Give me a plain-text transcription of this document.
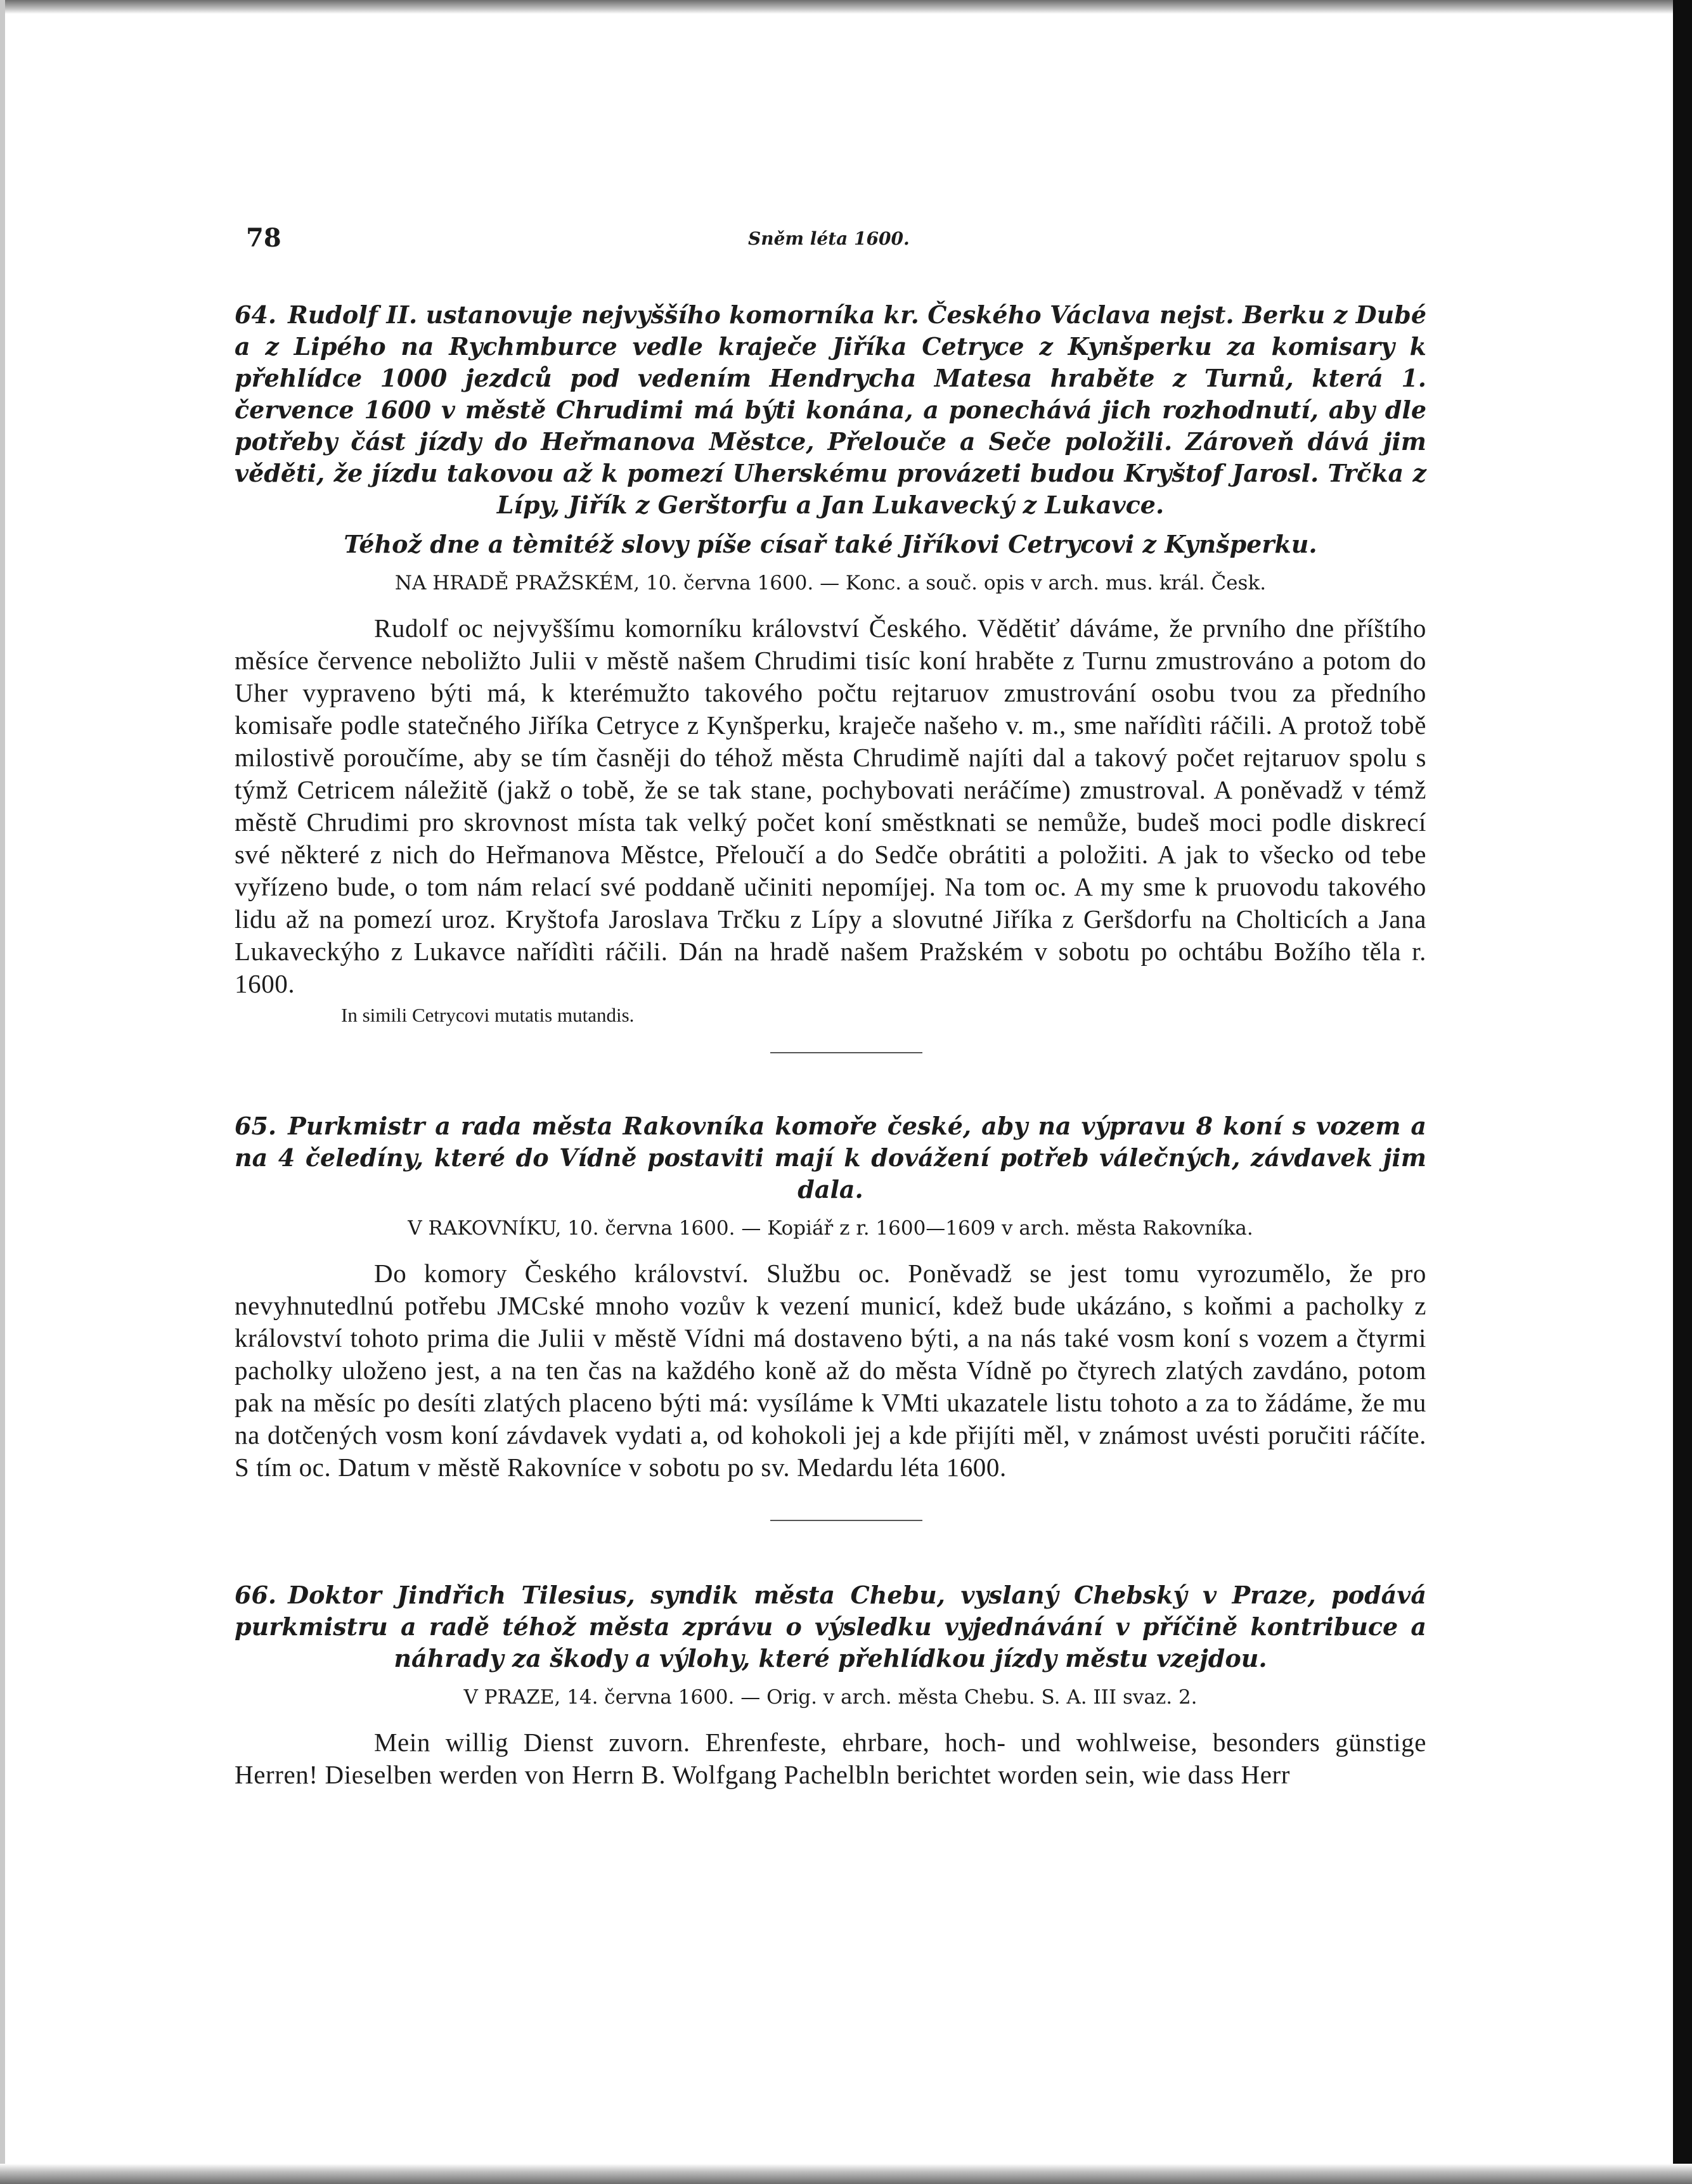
78	Sněm léta 1600.

64. Rudolf II. ustanovuje nejvyššího komorníka kr. Českého Václava nejst. Berku z Dubé a z Lipého na Rychmburce vedle kraječe Jiříka Cetryce z Kynšperku za komisary k přehlídce 1000 jezdců pod vedením Hendrycha Matesa hraběte z Turnů, která 1. července 1600 v městě Chrudimi má býti konána, a ponechává jich rozhodnutí, aby dle potřeby část jízdy do Heřmanova Městce, Přelouče a Seče položili. Zároveň dává jim věděti, že jízdu takovou až k pomezí Uherskému provázeti budou Kryštof Jarosl. Trčka z Lípy, Jiřík z Gerštorfu a Jan Lukavecký z Lukavce.

Téhož dne a tèmitéž slovy píše císař také Jiříkovi Cetrycovi z Kynšperku.

NA HRADĚ PRAŽSKÉM, 10. června 1600. — Konc. a souč. opis v arch. mus. král. Česk.

Rudolf oc nejvyššímu komorníku království Českého. Vědětiť dáváme, že prvního dne příštího měsíce července neboližto Julii v městě našem Chrudimi tisíc koní hraběte z Turnu zmustrováno a potom do Uher vypraveno býti má, k kterémužto takového počtu rejtaruov zmustrování osobu tvou za předního komisaře podle statečného Jiříka Cetryce z Kynšperku, kraječe našeho v. m., sme nařídìti ráčili. A protož tobě milostivě poroučíme, aby se tím časněji do téhož města Chrudimě najíti dal a takový počet rejtaruov spolu s týmž Cetricem náležitě (jakž o tobě, že se tak stane, pochybovati neráčíme) zmustroval. A poněvadž v témž městě Chrudimi pro skrovnost místa tak velký počet koní směstknati se nemůže, budeš moci podle diskrecí své některé z nich do Heřmanova Městce, Přeloučí a do Sedče obrátiti a položiti. A jak to všecko od tebe vyřízeno bude, o tom nám relací své poddaně učiniti nepomíjej. Na tom oc. A my sme k pruovodu takového lidu až na pomezí uroz. Kryštofa Jaroslava Trčku z Lípy a slovutné Jiříka z Geršdorfu na Cholticích a Jana Lukaveckýho z Lukavce nařídìti ráčili. Dán na hradě našem Pražském v sobotu po ochtábu Božího těla r. 1600.

In simili Cetrycovi mutatis mutandis.

65. Purkmistr a rada města Rakovníka komoře české, aby na výpravu 8 koní s vozem a na 4 čeledíny, které do Vídně postaviti mají k dovážení potřeb válečných, závdavek jim dala.

V RAKOVNÍKU, 10. června 1600. — Kopiář z r. 1600—1609 v arch. města Rakovníka.

Do komory Českého království. Službu oc. Poněvadž se jest tomu vyrozumělo, že pro nevyhnutedlnú potřebu JMCské mnoho vozův k vezení municí, kdež bude ukázáno, s koňmi a pacholky z království tohoto prima die Julii v městě Vídni má dostaveno býti, a na nás také vosm koní s vozem a čtyrmi pacholky uloženo jest, a na ten čas na každého koně až do města Vídně po čtyrech zlatých zavdáno, potom pak na měsíc po desíti zlatých placeno býti má: vysíláme k VMti ukazatele listu tohoto a za to žádáme, že mu na dotčených vosm koní závdavek vydati a, od kohokoli jej a kde přijíti měl, v známost uvésti poručiti ráčíte. S tím oc. Datum v městě Rakovníce v sobotu po sv. Medardu léta 1600.

66. Doktor Jindřich Tilesius, syndik města Chebu, vyslaný Chebský v Praze, podává purkmistru a radě téhož města zprávu o výsledku vyjednávání v příčině kontribuce a náhrady za škody a výlohy, které přehlídkou jízdy městu vzejdou.

V PRAZE, 14. června 1600. — Orig. v arch. města Chebu. S. A. III svaz. 2.

Mein willig Dienst zuvorn. Ehrenfeste, ehrbare, hoch- und wohlweise, besonders günstige Herren! Dieselben werden von Herrn B. Wolfgang Pachelbln berichtet worden sein, wie dass Herr
